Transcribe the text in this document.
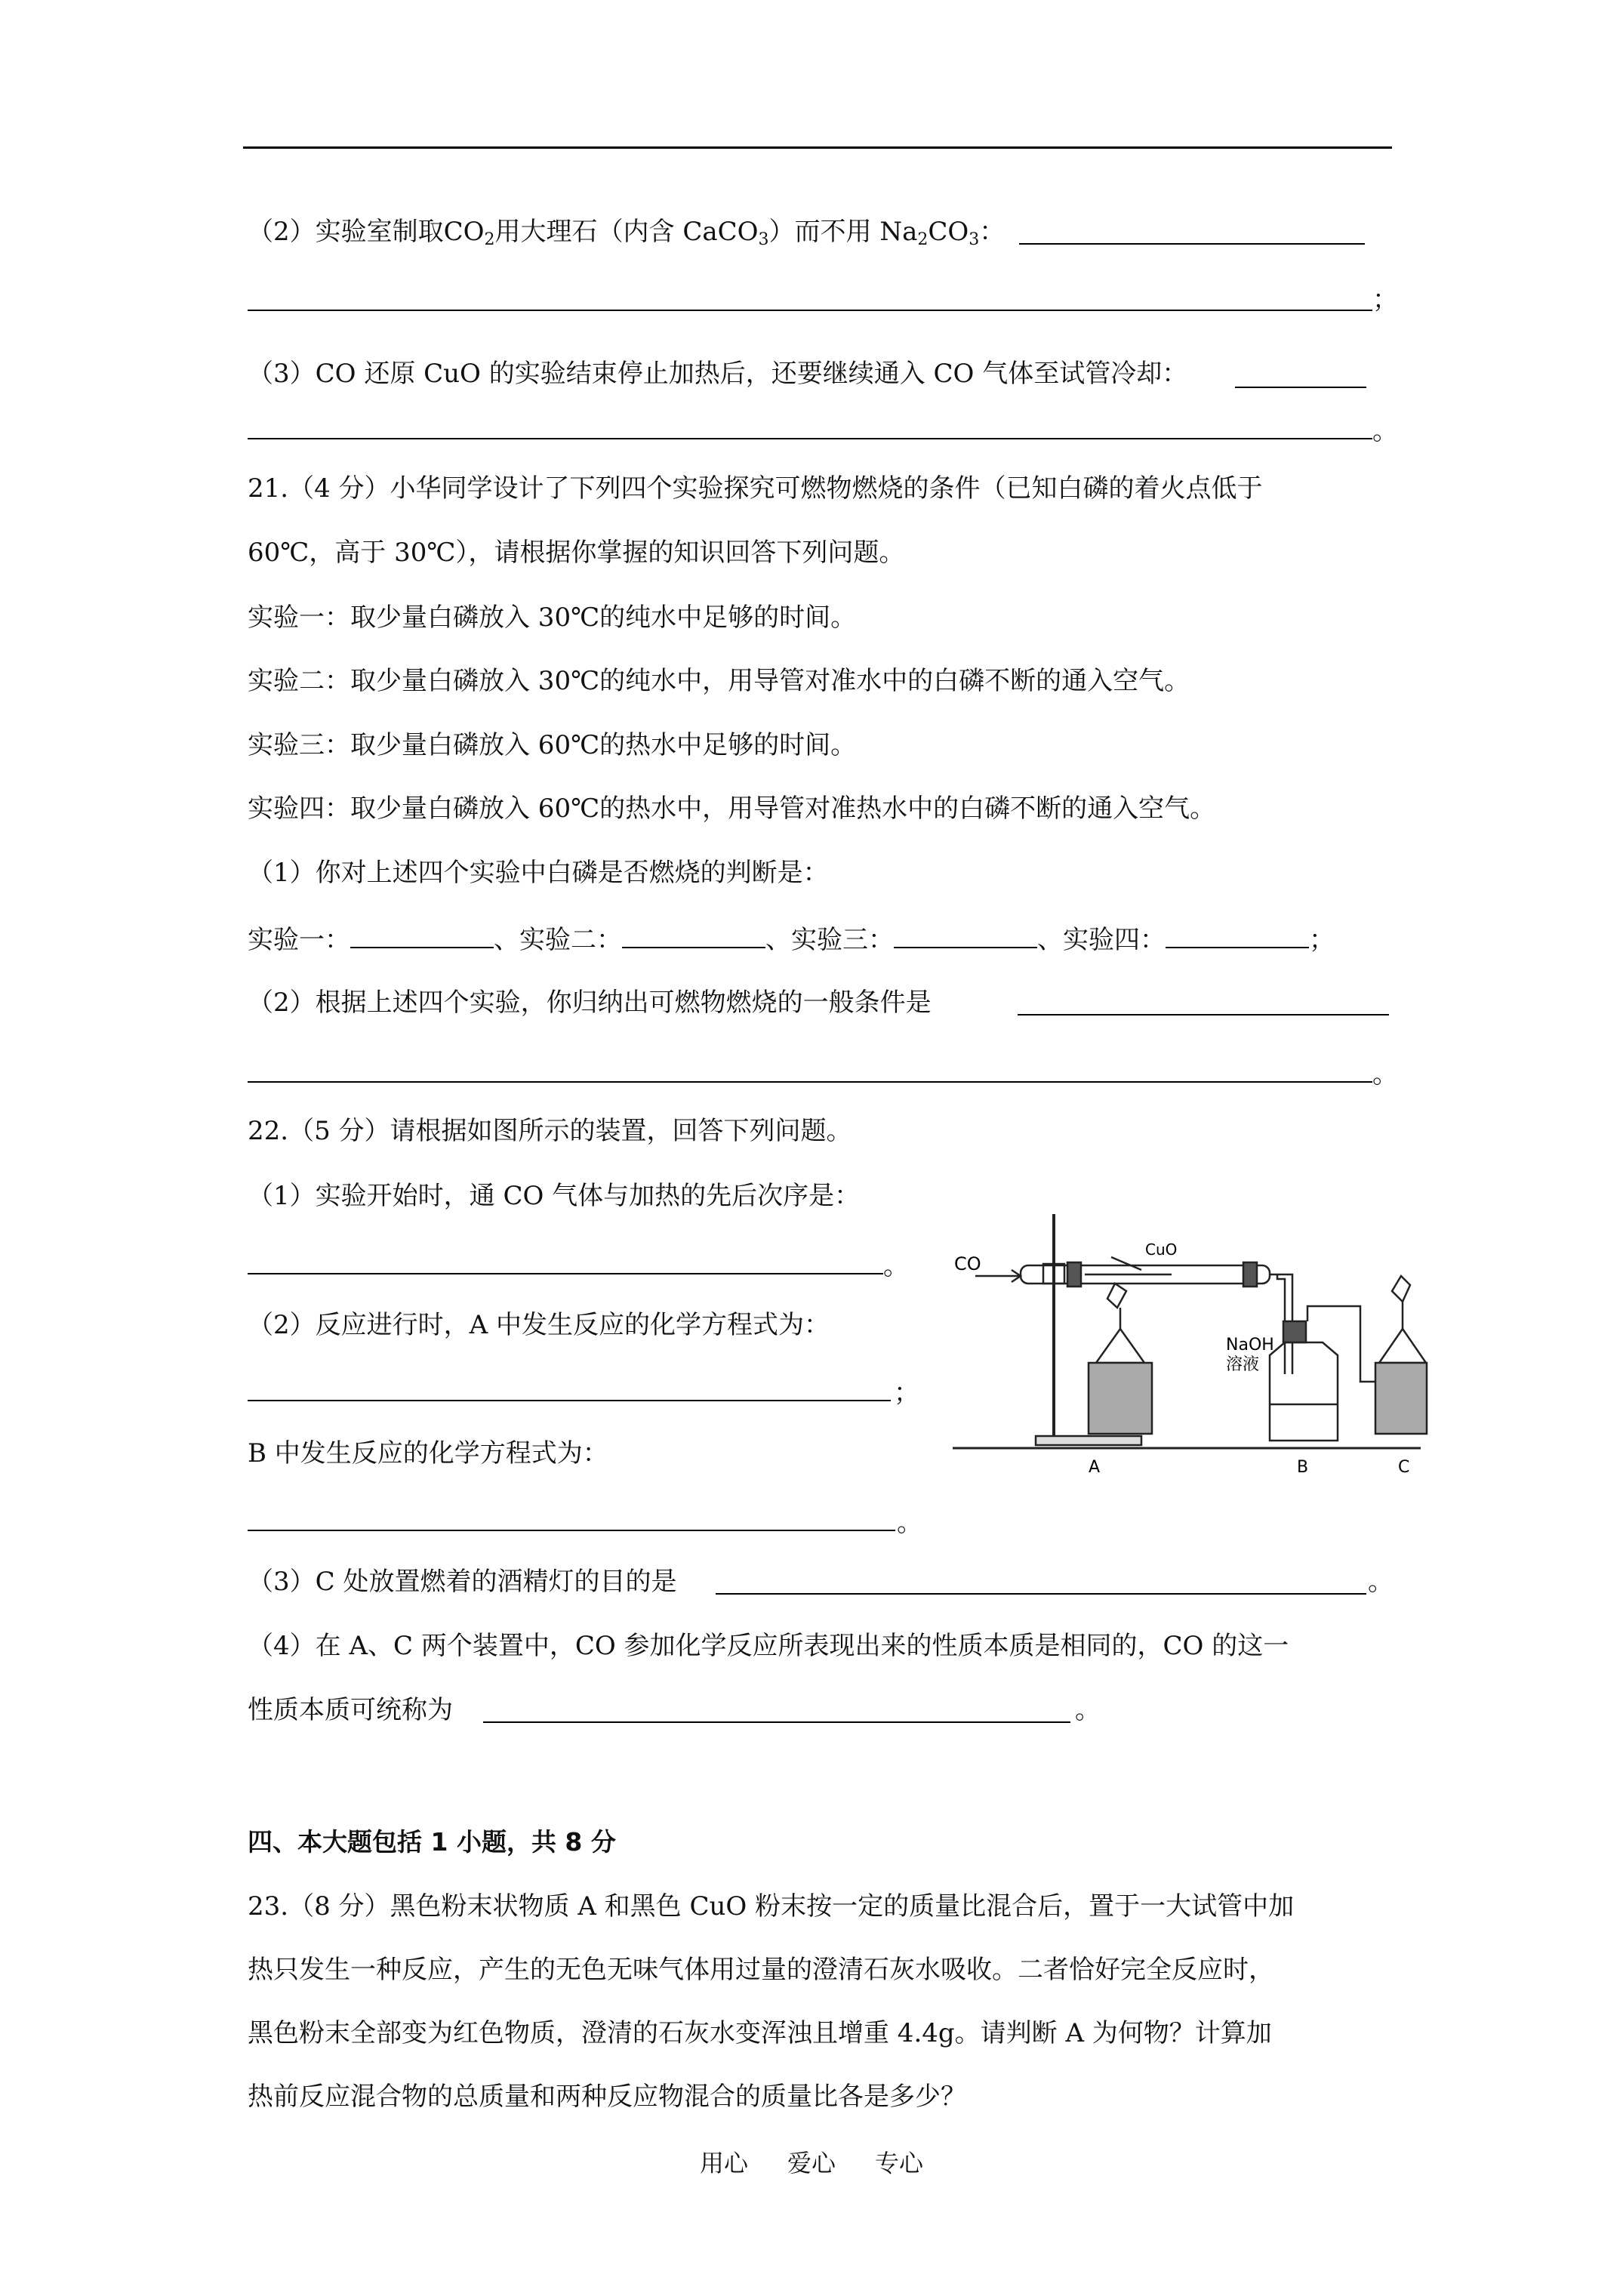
（2）实验室制取$CO_2$用大理石（内含 CaCO$_3$）而不用 $Na_2CO_3$：
；
（3）CO 还原 CuO 的实验结束停止加热后，还要继续通入 CO 气体至试管冷却：
。
21.（4 分）小华同学设计了下列四个实验探究可燃物燃烧的条件（已知白磷的着火点低于
60℃，高于 30℃），请根据你掌握的知识回答下列问题。
实验一：取少量白磷放入 30℃的纯水中足够的时间。
实验二：取少量白磷放入 30℃的纯水中，用导管对准水中的白磷不断的通入空气。
实验三：取少量白磷放入 60℃的热水中足够的时间。
实验四：取少量白磷放入 60℃的热水中，用导管对准热水中的白磷不断的通入空气。
（1）你对上述四个实验中白磷是否燃烧的判断是：
实验一：	、实验二：	、实验三：	、实验四：	；
（2）根据上述四个实验，你归纳出可燃物燃烧的一般条件是
。
22.（5 分）请根据如图所示的装置，回答下列问题。
（1）实验开始时，通 CO 气体与加热的先后次序是：
。
（2）反应进行时，A 中发生反应的化学方程式为：
；
B 中发生反应的化学方程式为：
。
（3）C 处放置燃着的酒精灯的目的是	。
（4）在 A、C 两个装置中，CO 参加化学反应所表现出来的性质本质是相同的，CO 的这一
性质本质可统称为	。
CO
CuO
NaOH
溶液
A	B	C
四、本大题包括 1 小题，共 8 分
23.（8 分）黑色粉末状物质 A 和黑色 CuO 粉末按一定的质量比混合后，置于一大试管中加
热只发生一种反应，产生的无色无味气体用过量的澄清石灰水吸收。二者恰好完全反应时，
黑色粉末全部变为红色物质，澄清的石灰水变浑浊且增重 4.4g。请判断 A 为何物？计算加
热前反应混合物的总质量和两种反应物混合的质量比各是多少？
用心 爱心 专心
